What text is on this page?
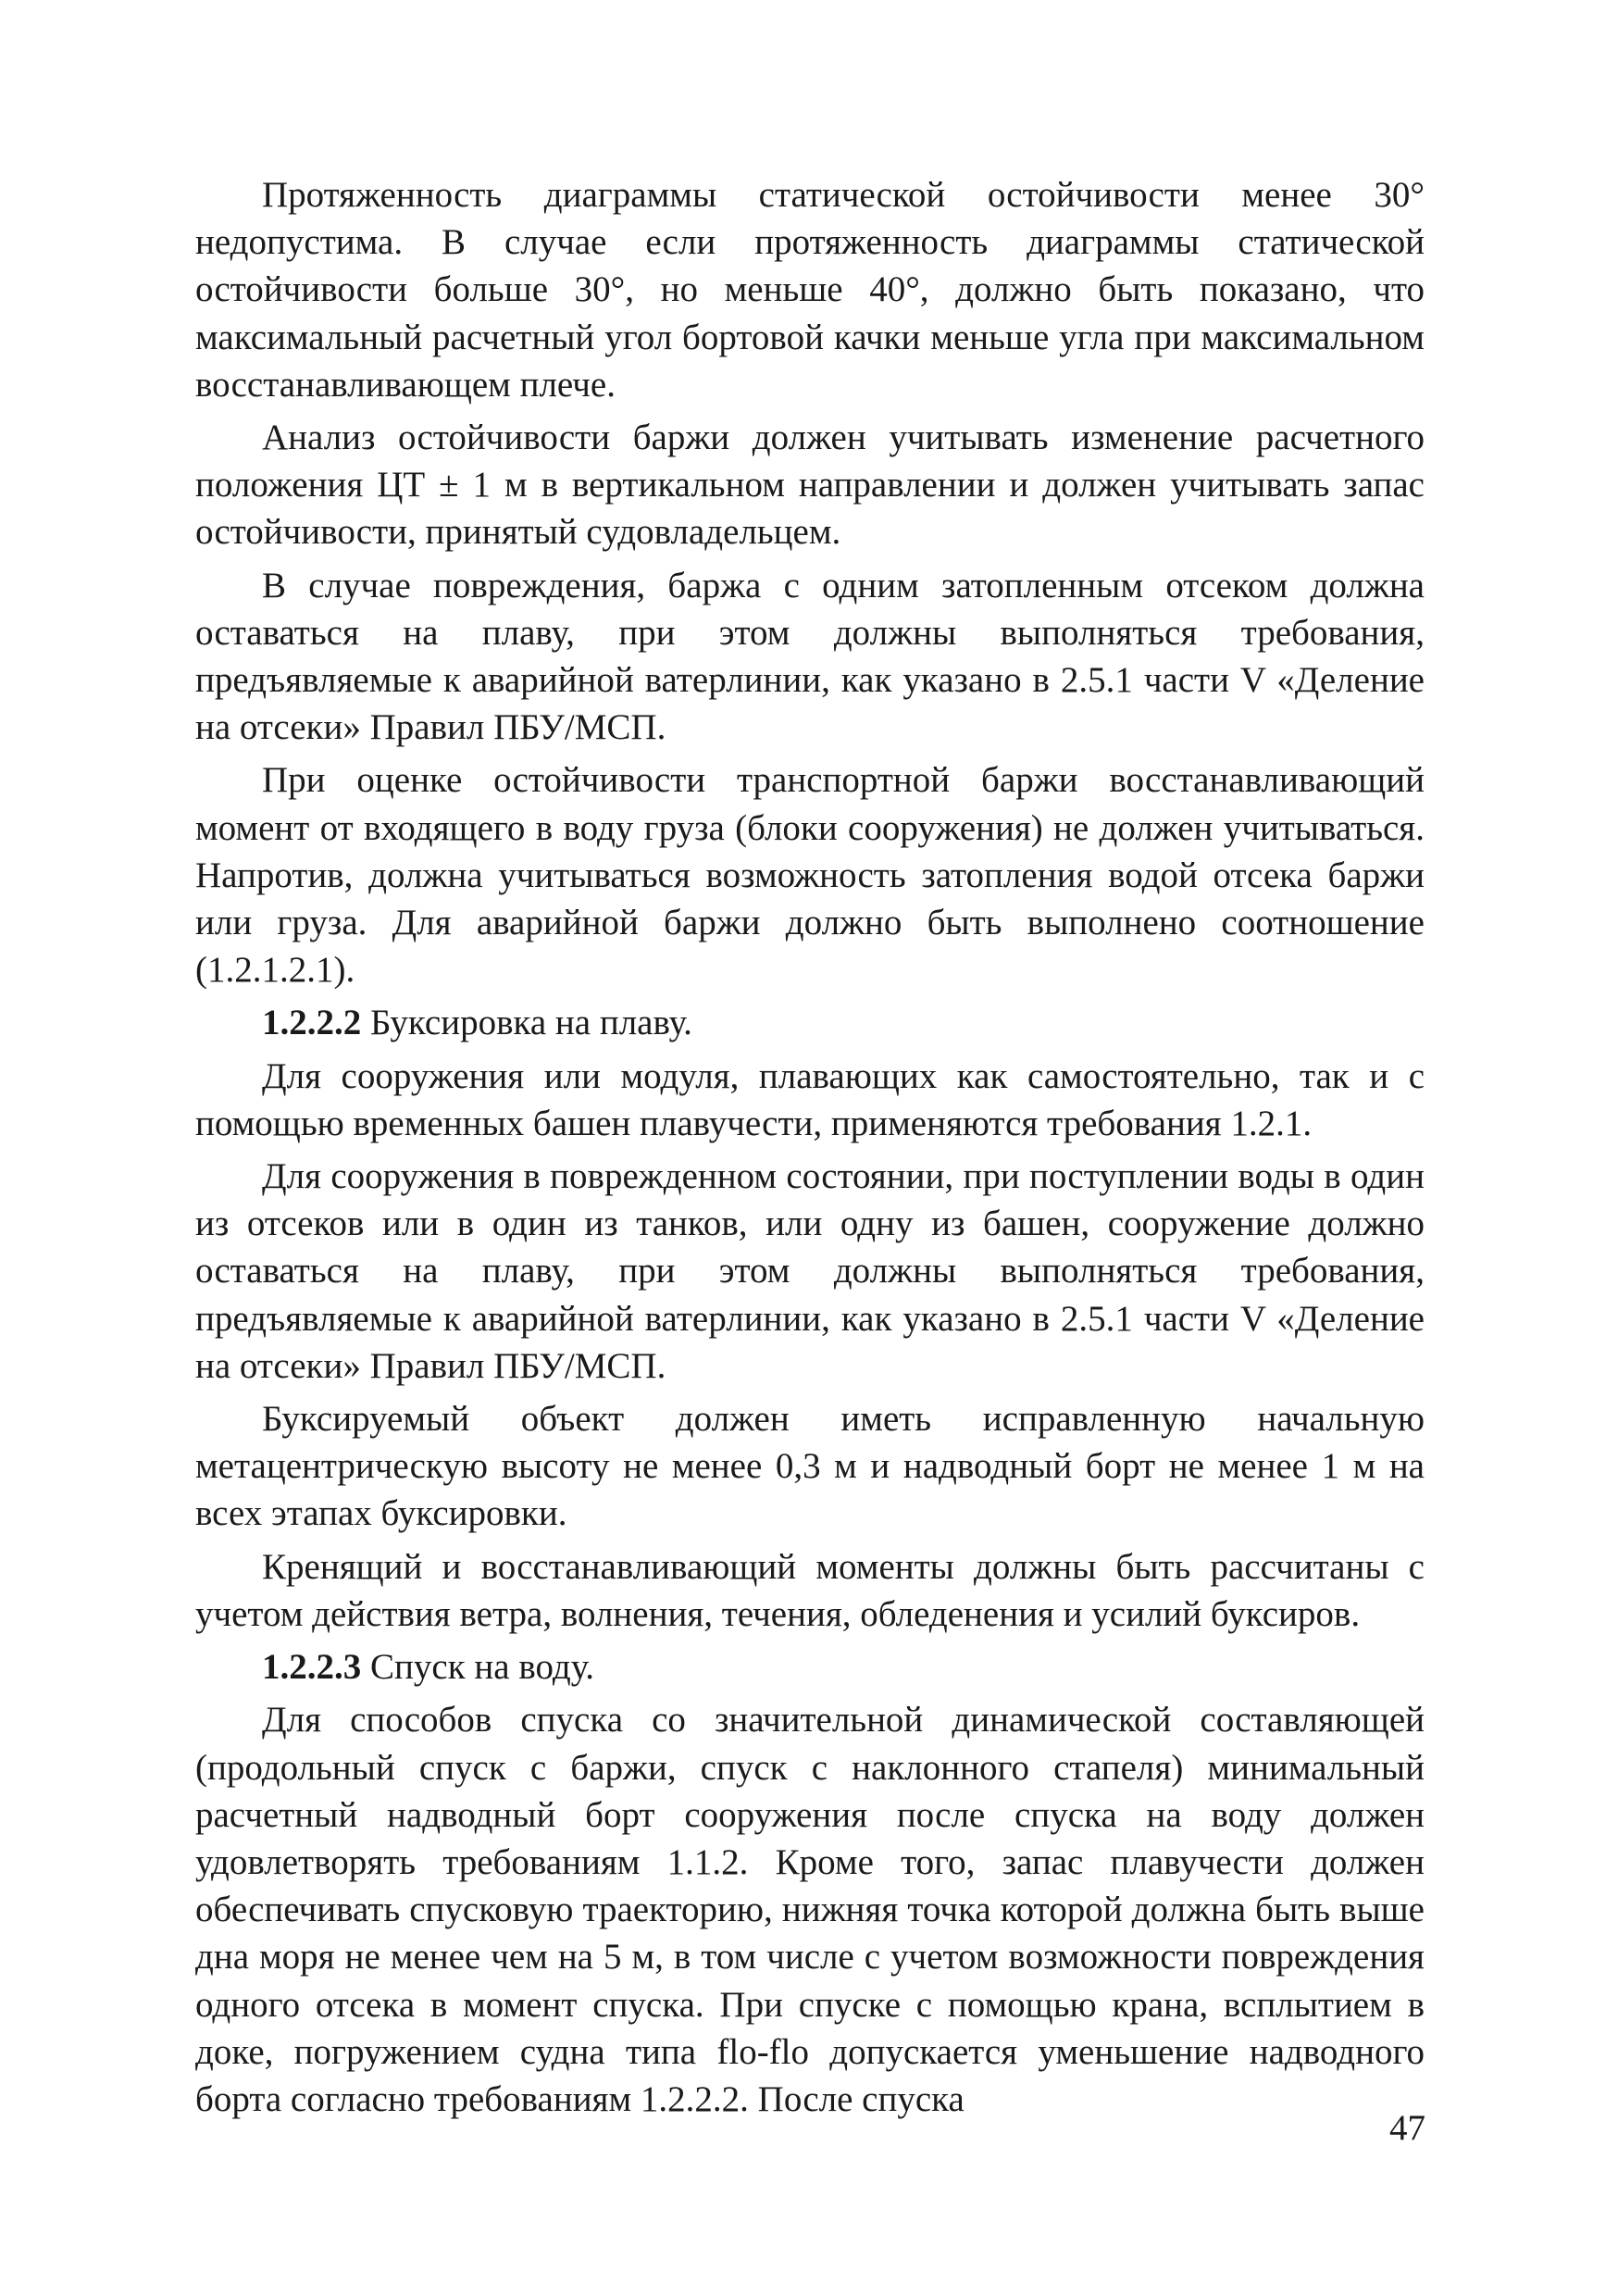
Протяженность диаграммы статической остойчивости менее 30° недопустима. В случае если протяженность диаграммы статической остойчивости больше 30°, но меньше 40°, должно быть показано, что максимальный расчетный угол бортовой качки меньше угла при максимальном восстанавливающем плече.

Анализ остойчивости баржи должен учитывать изменение расчетного положения ЦТ ± 1 м в вертикальном направлении и должен учитывать запас остойчивости, принятый судовладельцем.

В случае повреждения, баржа с одним затопленным отсеком должна оставаться на плаву, при этом должны выполняться требования, предъявляемые к аварийной ватерлинии, как указано в 2.5.1 части V «Деление на отсеки» Правил ПБУ/МСП.

При оценке остойчивости транспортной баржи восстанавливающий момент от входящего в воду груза (блоки сооружения) не должен учитываться. Напротив, должна учитываться возможность затопления водой отсека баржи или груза. Для аварийной баржи должно быть выполнено соотношение (1.2.1.2.1).

1.2.2.2 Буксировка на плаву.

Для сооружения или модуля, плавающих как самостоятельно, так и с помощью временных башен плавучести, применяются требования 1.2.1.

Для сооружения в поврежденном состоянии, при поступлении воды в один из отсеков или в один из танков, или одну из башен, сооружение должно оставаться на плаву, при этом должны выполняться требования, предъявляемые к аварийной ватерлинии, как указано в 2.5.1 части V «Деление на отсеки» Правил ПБУ/МСП.

Буксируемый объект должен иметь исправленную начальную метацентрическую высоту не менее 0,3 м и надводный борт не менее 1 м на всех этапах буксировки.

Кренящий и восстанавливающий моменты должны быть рассчитаны с учетом действия ветра, волнения, течения, обледенения и усилий буксиров.

1.2.2.3 Спуск на воду.

Для способов спуска со значительной динамической составляющей (продольный спуск с баржи, спуск с наклонного стапеля) минимальный расчетный надводный борт сооружения после спуска на воду должен удовлетворять требованиям 1.1.2. Кроме того, запас плавучести должен обеспечивать спусковую траекторию, нижняя точка которой должна быть выше дна моря не менее чем на 5 м, в том числе с учетом возможности повреждения одного отсека в момент спуска. При спуске с помощью крана, всплытием в доке, погружением судна типа flo-flo допускается уменьшение надводного борта согласно требованиям 1.2.2.2. После спуска

47
